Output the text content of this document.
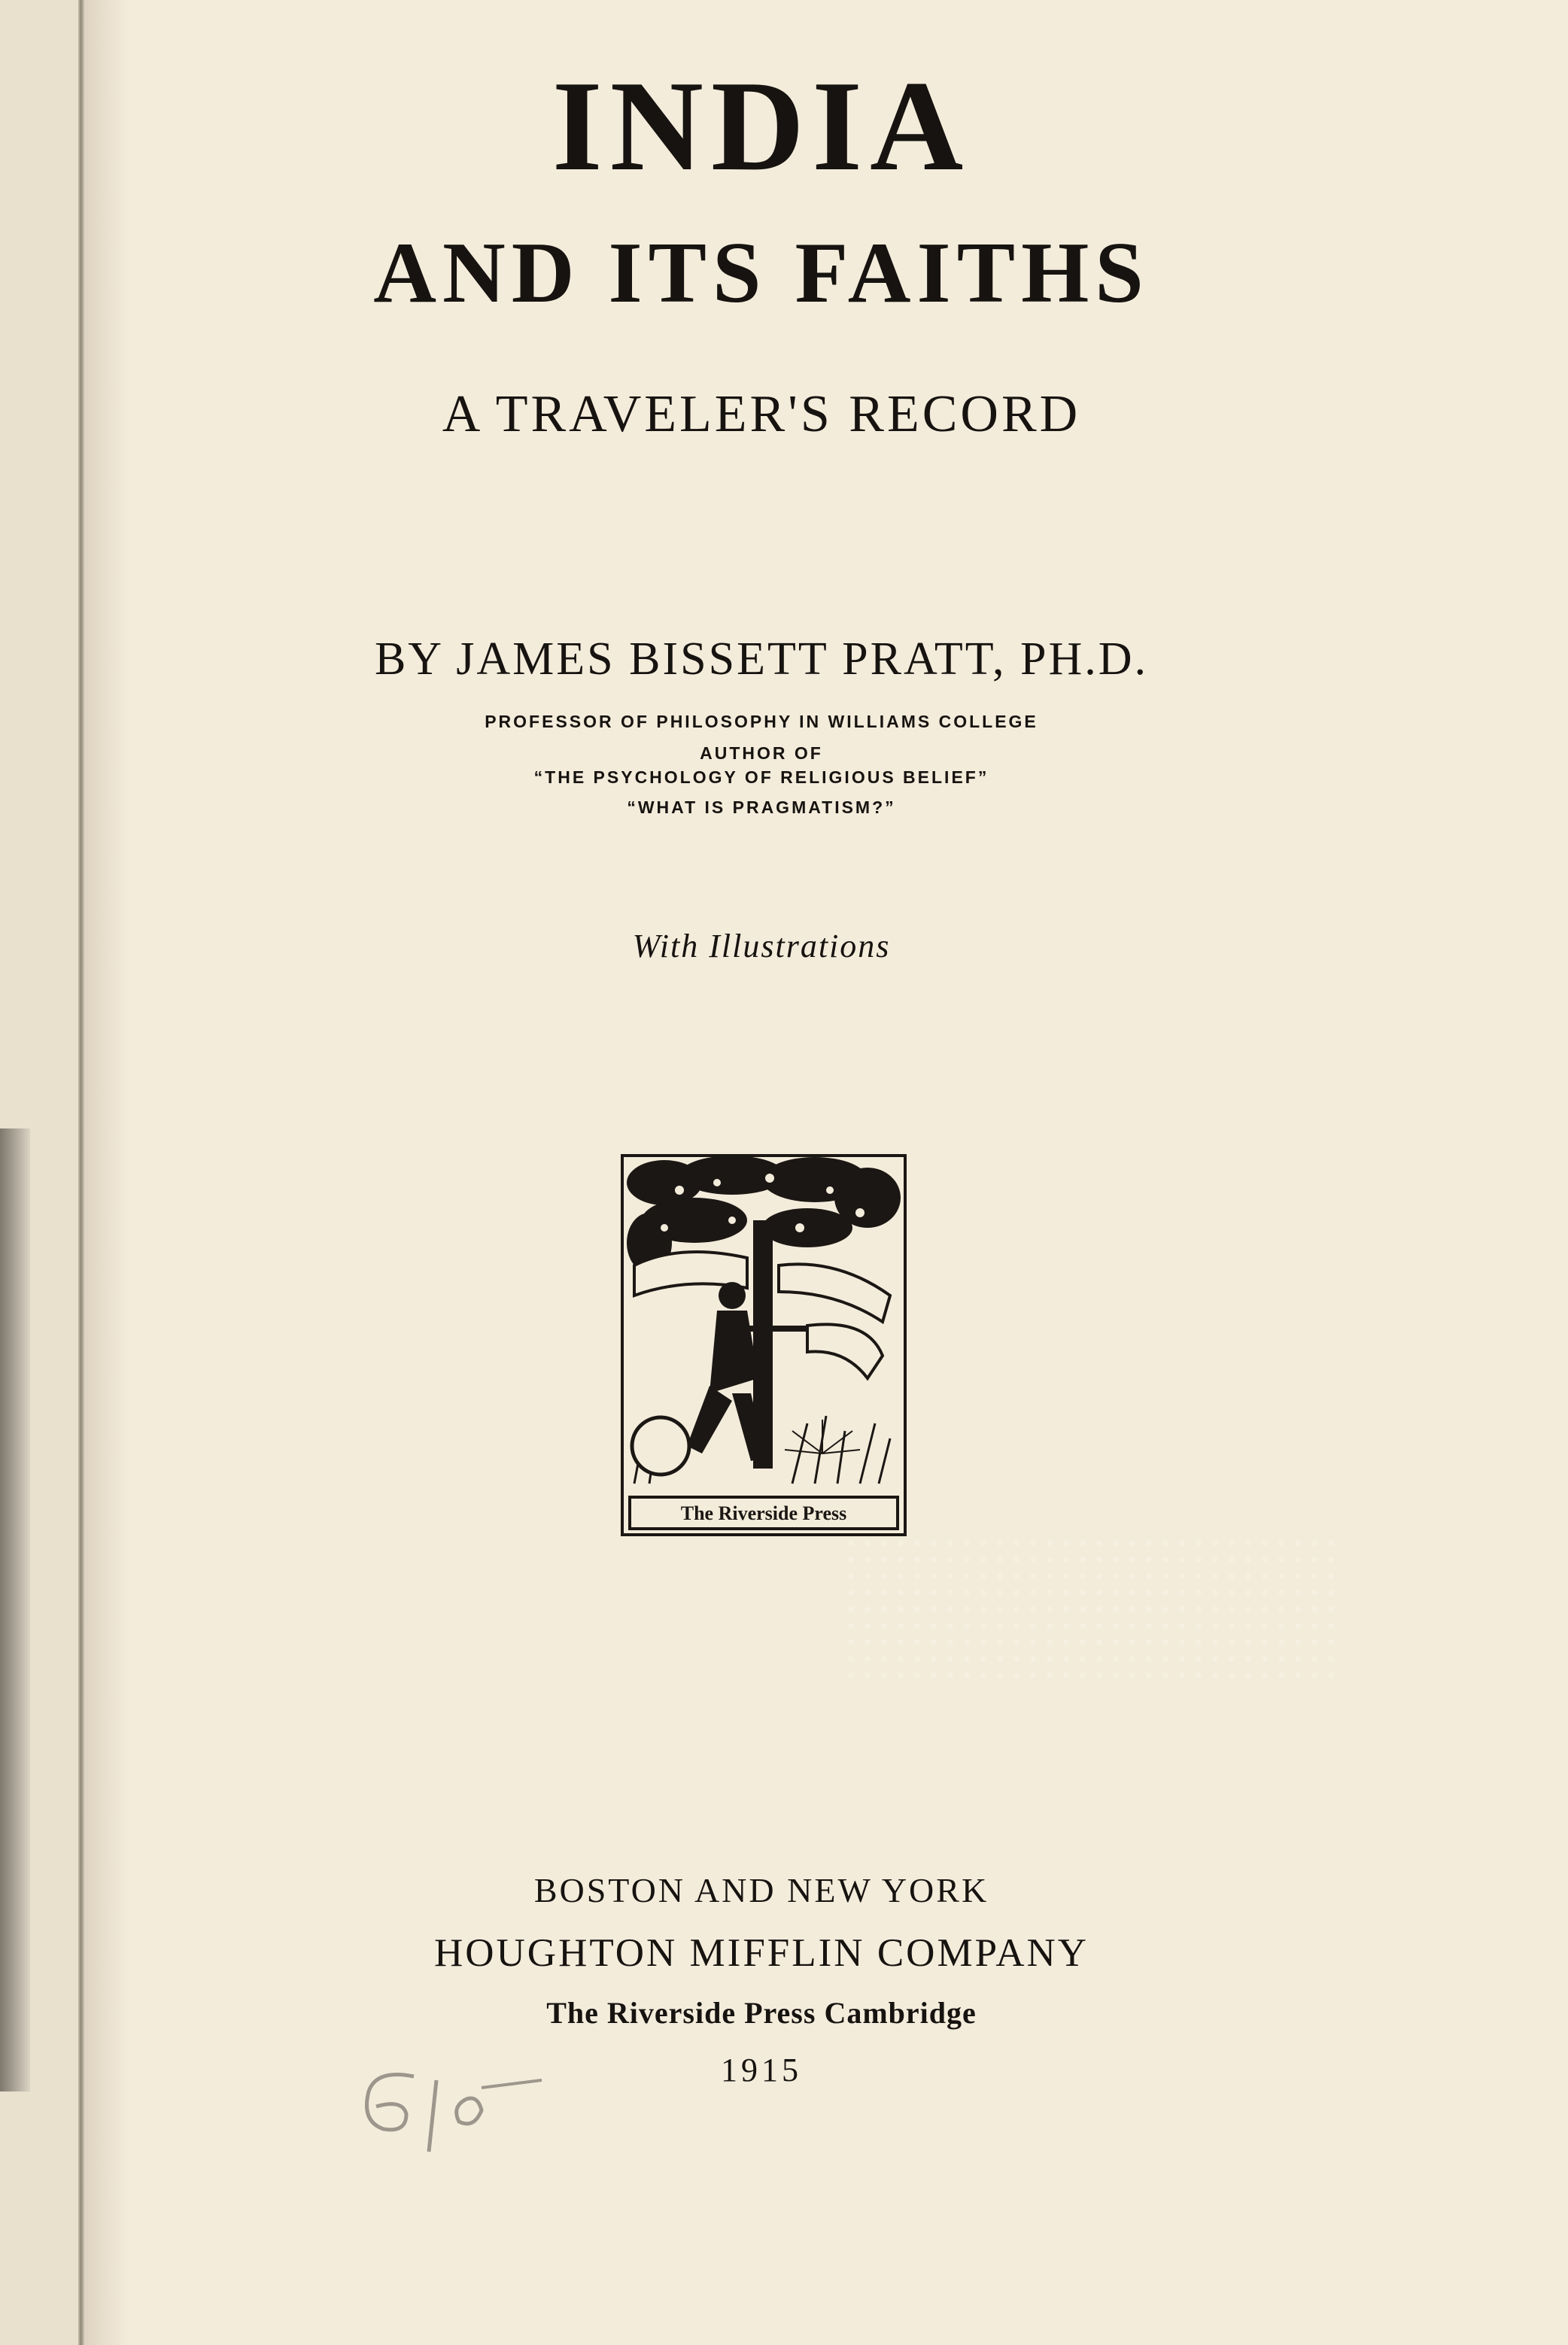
INDIA
AND ITS FAITHS

A TRAVELER'S RECORD

BY JAMES BISSETT PRATT, PH.D.

PROFESSOR OF PHILOSOPHY IN WILLIAMS COLLEGE

AUTHOR OF

“THE PSYCHOLOGY OF RELIGIOUS BELIEF”

“WHAT IS PRAGMATISM?”

With Illustrations

The Riverside Press

BOSTON AND NEW YORK

HOUGHTON MIFFLIN COMPANY

The Riverside Press Cambridge

1915
